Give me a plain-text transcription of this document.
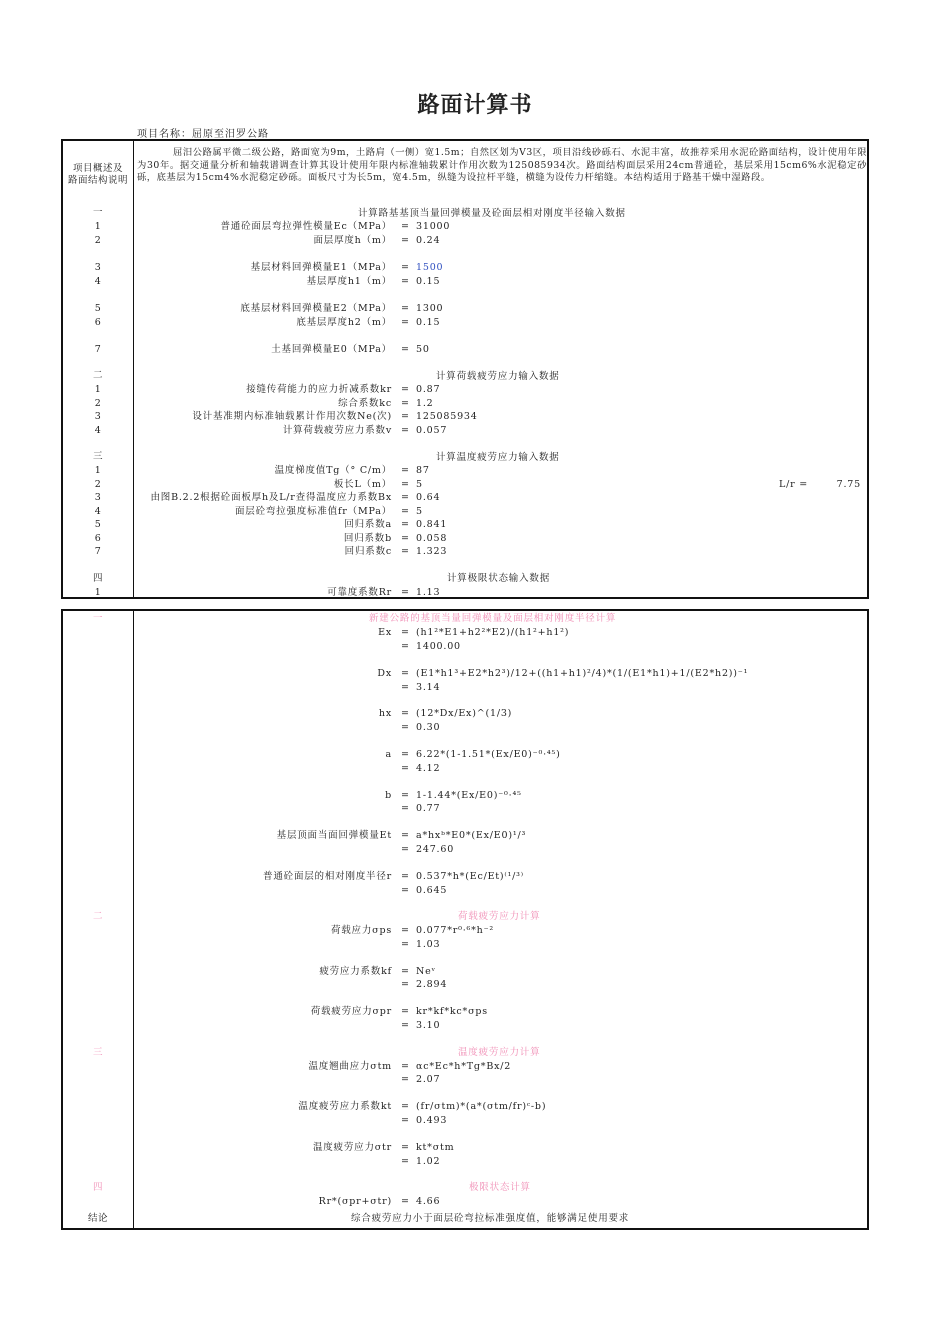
路面计算书
项目名称：屈原至汨罗公路
项目概述及
路面结构说明
屈汨公路属平微二级公路，路面宽为9m，土路肩（一侧）宽1.5m；自然区划为Ⅴ3区，项目沿线砂砾石、水泥丰富，故推荐采用水泥砼路面结构，设计使用年限为30年。据交通量分析和轴载谱调查计算其设计使用年限内标准轴载累计作用次数为125085934次。路面结构面层采用24cm普通砼，基层采用15cm6%水泥稳定砂砾，底基层为15cm4%水泥稳定砂砾。面板尺寸为长5m，宽4.5m，纵缝为设拉杆平缝，横缝为设传力杆缩缝。本结构适用于路基干燥中湿路段。
一	计算路基基顶当量回弹模量及砼面层相对刚度半径输入数据
1	普通砼面层弯拉弹性模量Ec（MPa） = 31000
2	面层厚度h（m） = 0.24
3	基层材料回弹模量E1（MPa） = 1500
4	基层厚度h1（m） = 0.15
5	底基层材料回弹模量E2（MPa） = 1300
6	底基层厚度h2（m） = 0.15
7	土基回弹模量E0（MPa） = 50
二	计算荷载疲劳应力输入数据
1	接缝传荷能力的应力折减系数kr = 0.87
2	综合系数kc = 1.2
3	设计基准期内标准轴载累计作用次数Ne(次) = 125085934
4	计算荷载疲劳应力系数v = 0.057
三	计算温度疲劳应力输入数据
1	温度梯度值Tg（° C/m） = 87
2	板长L（m） = 5	L/r =	7.75
3	由图B.2.2根据砼面板厚h及L/r查得温度应力系数Bx = 0.64
4	面层砼弯拉强度标准值fr（MPa） = 5
5	回归系数a = 0.841
6	回归系数b = 0.058
7	回归系数c = 1.323
四	计算极限状态输入数据
1	可靠度系数Rr = 1.13
一	新建公路的基顶当量回弹模量及面层相对刚度半径计算
Ex = (h1²*E1+h2²*E2)/(h1²+h1²)
= 1400.00
Dx = (E1*h1³+E2*h2³)/12+((h1+h1)²/4)*(1/(E1*h1)+1/(E2*h2))⁻¹
= 3.14
hx = (12*Dx/Ex)^(1/3)
= 0.30
a = 6.22*(1-1.51*(Ex/E0)⁻⁰·⁴⁵)
= 4.12
b = 1-1.44*(Ex/E0)⁻⁰·⁴⁵
= 0.77
基层顶面当面回弹模量Et = a*hxᵇ*E0*(Ex/E0)¹/³
= 247.60
普通砼面层的相对刚度半径r = 0.537*h*(Ec/Et)⁽¹/³⁾
= 0.645
二	荷载疲劳应力计算
荷载应力σps = 0.077*r⁰·⁶*h⁻²
= 1.03
疲劳应力系数kf = Neᵛ
= 2.894
荷载疲劳应力σpr = kr*kf*kc*σps
= 3.10
三	温度疲劳应力计算
温度翘曲应力σtm = αc*Ec*h*Tg*Bx/2
= 2.07
温度疲劳应力系数kt = (fr/σtm)*(a*(σtm/fr)ᶜ-b)
= 0.493
温度疲劳应力σtr = kt*σtm
= 1.02
四	极限状态计算
Rr*(σpr+σtr) = 4.66
结论	综合疲劳应力小于面层砼弯拉标准强度值，能够满足使用要求
